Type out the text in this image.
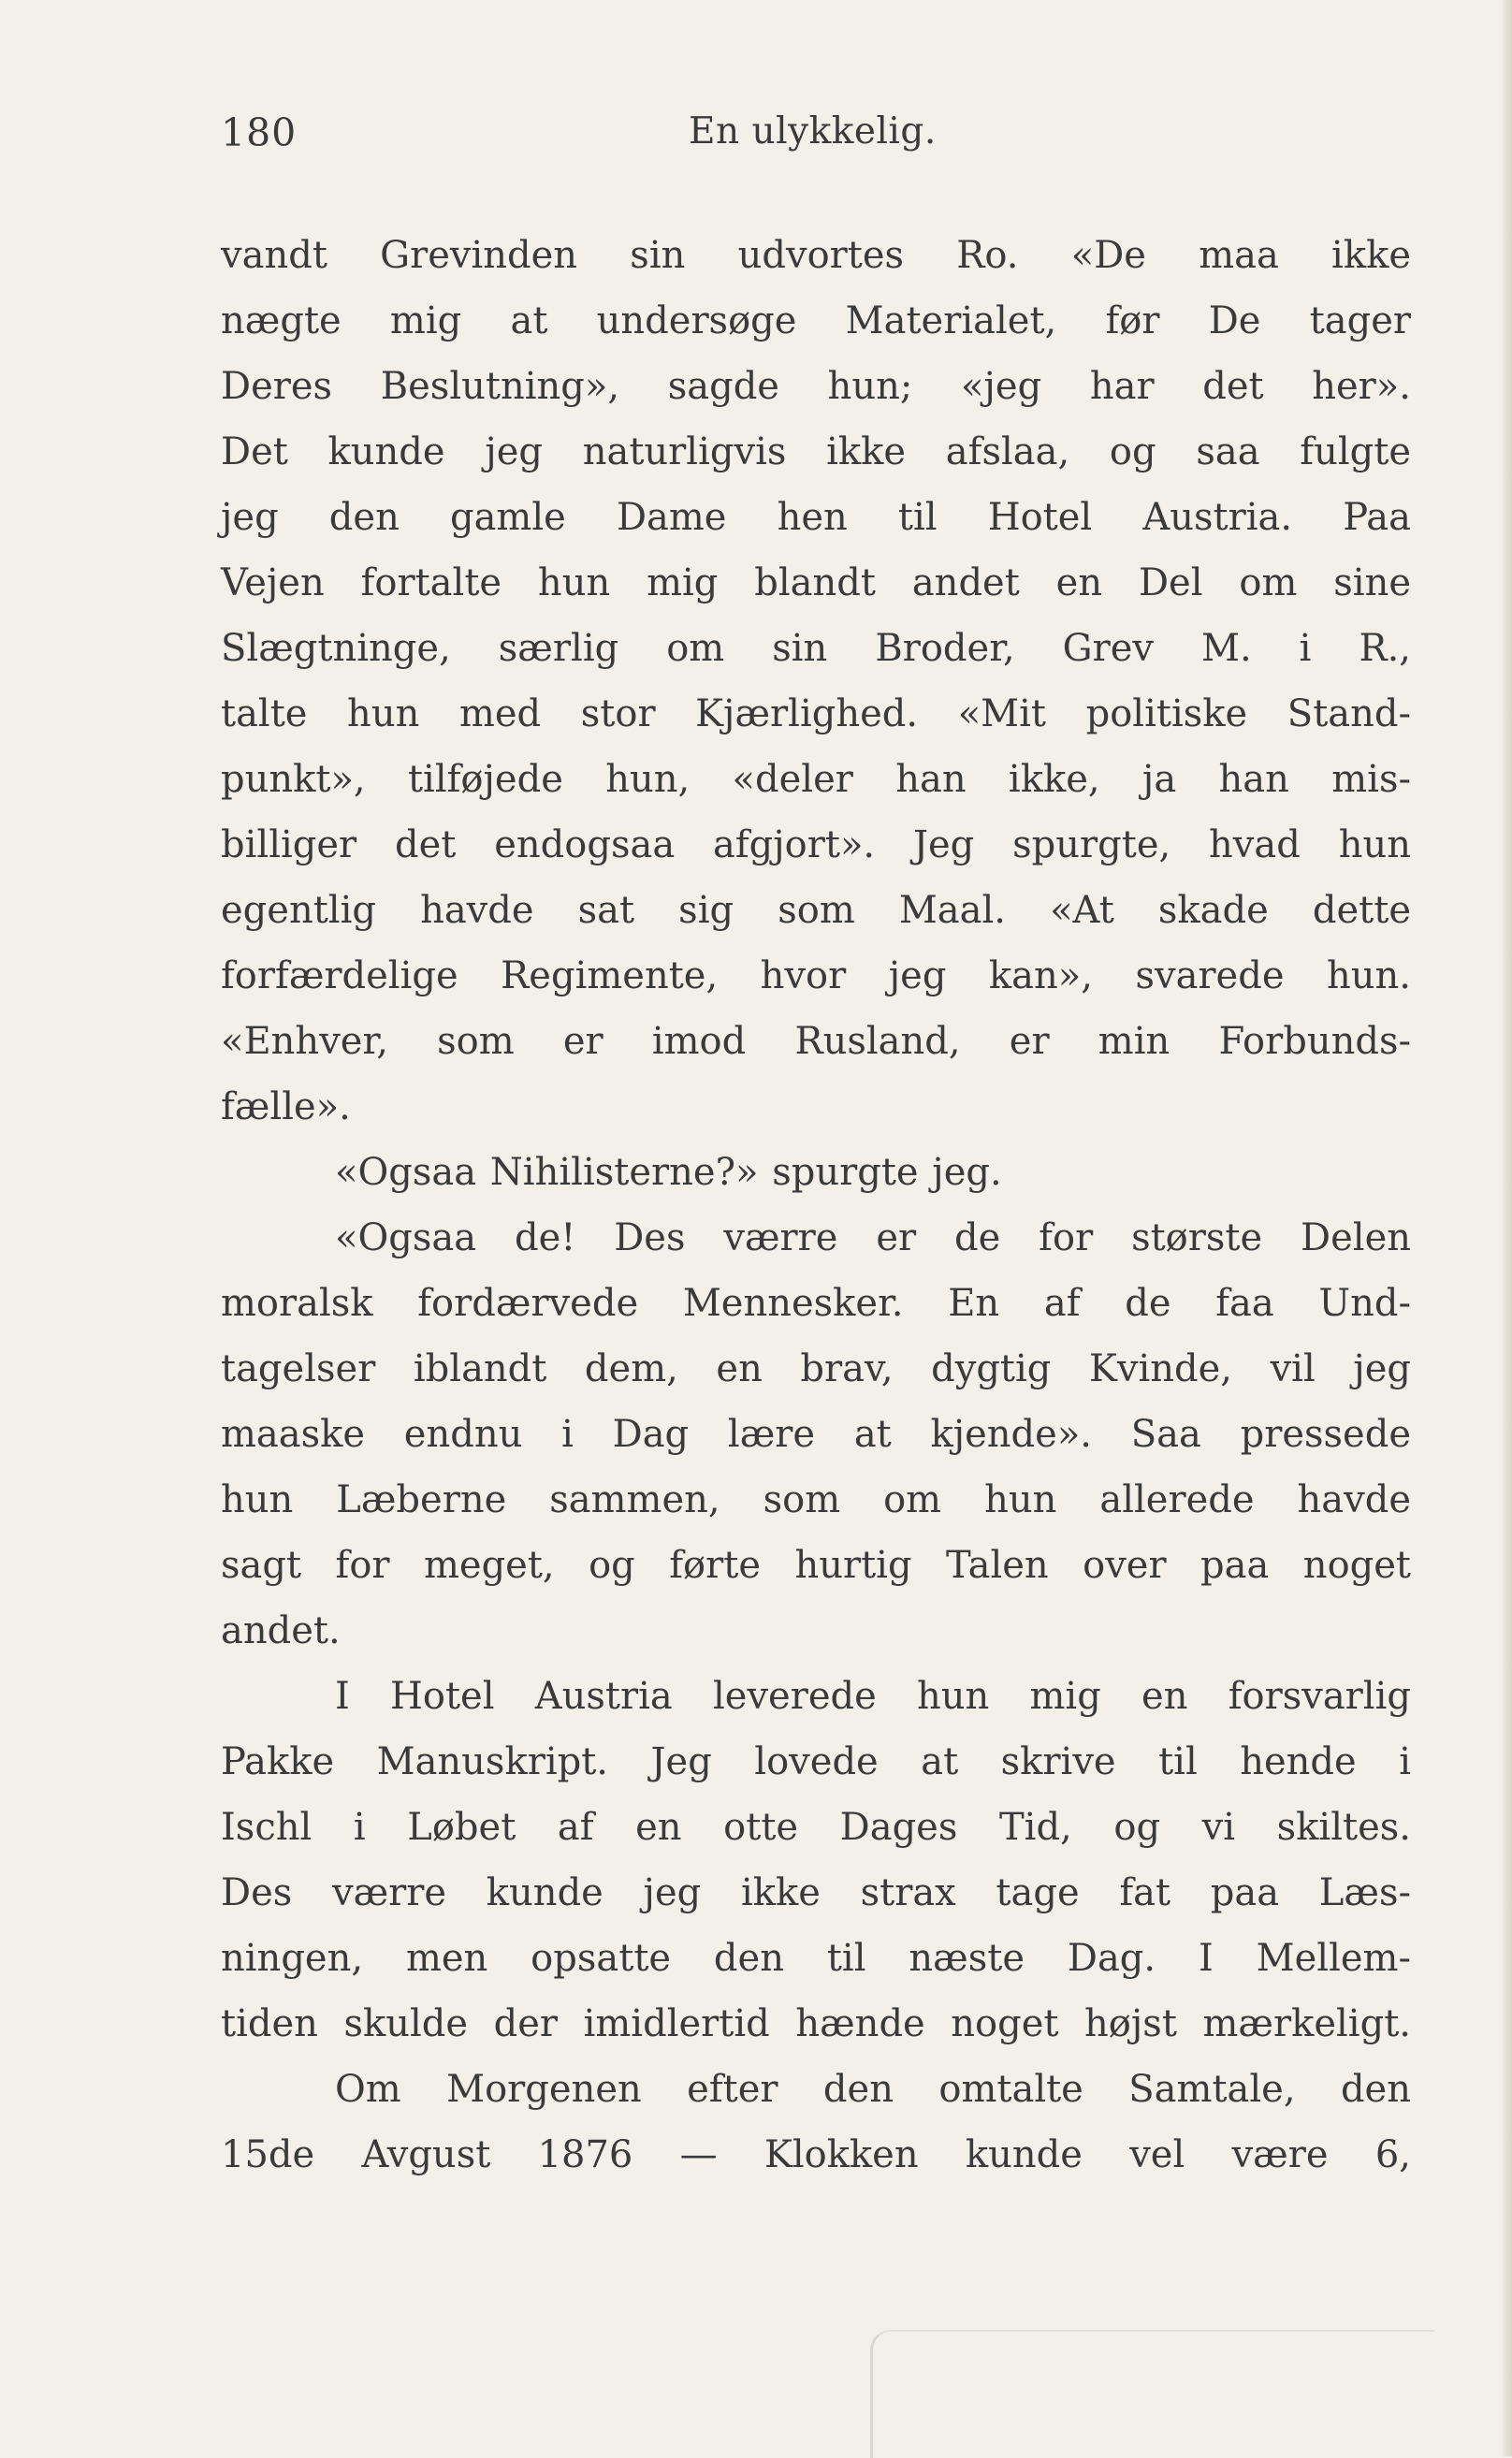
180	En ulykkelig.
vandt Grevinden sin udvortes Ro. «De maa ikke
nægte mig at undersøge Materialet, før De tager
Deres Beslutning», sagde hun; «jeg har det her».
Det kunde jeg naturligvis ikke afslaa, og saa fulgte
jeg den gamle Dame hen til Hotel Austria. Paa
Vejen fortalte hun mig blandt andet en Del om sine
Slægtninge, særlig om sin Broder, Grev M. i R.,
talte hun med stor Kjærlighed. «Mit politiske Stand-
punkt», tilføjede hun, «deler han ikke, ja han mis-
billiger det endogsaa afgjort». Jeg spurgte, hvad hun
egentlig havde sat sig som Maal. «At skade dette
forfærdelige Regimente, hvor jeg kan», svarede hun.
«Enhver, som er imod Rusland, er min Forbunds-
fælle».
«Ogsaa Nihilisterne?» spurgte jeg.
«Ogsaa de! Des værre er de for største Delen
moralsk fordærvede Mennesker. En af de faa Und-
tagelser iblandt dem, en brav, dygtig Kvinde, vil jeg
maaske endnu i Dag lære at kjende». Saa pressede
hun Læberne sammen, som om hun allerede havde
sagt for meget, og førte hurtig Talen over paa noget
andet.
I Hotel Austria leverede hun mig en forsvarlig
Pakke Manuskript. Jeg lovede at skrive til hende i
Ischl i Løbet af en otte Dages Tid, og vi skiltes.
Des værre kunde jeg ikke strax tage fat paa Læs-
ningen, men opsatte den til næste Dag. I Mellem-
tiden skulde der imidlertid hænde noget højst mærkeligt.
Om Morgenen efter den omtalte Samtale, den
15de Avgust 1876 — Klokken kunde vel være 6,
